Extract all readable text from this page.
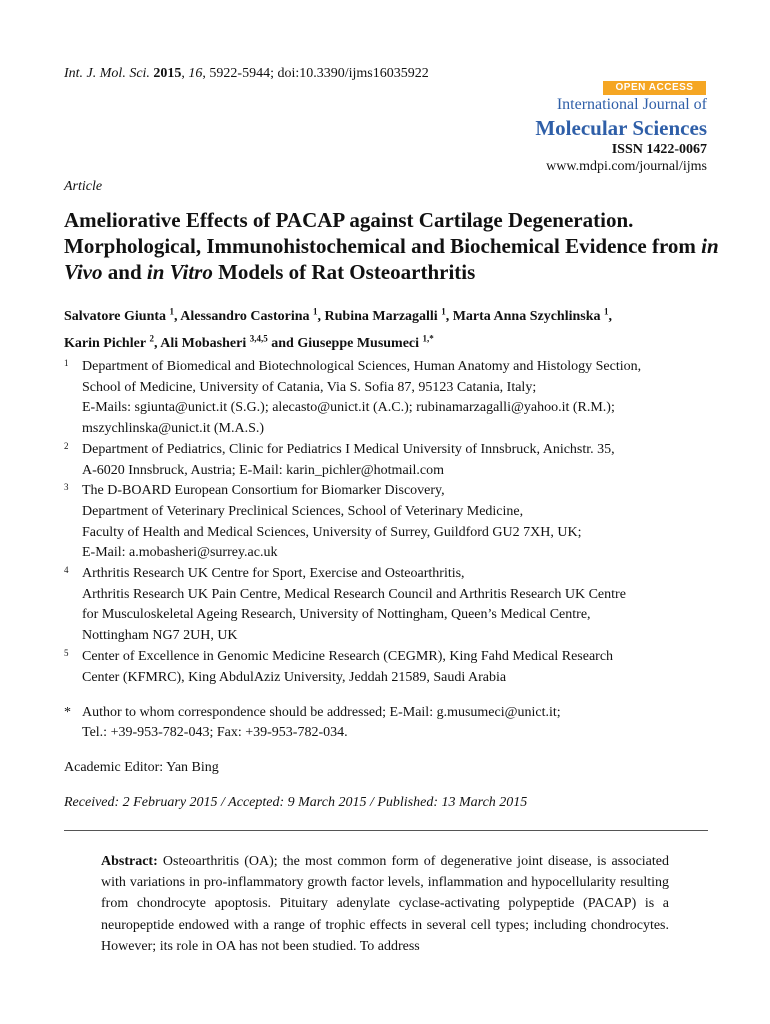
Int. J. Mol. Sci. 2015, 16, 5922-5944; doi:10.3390/ijms16035922
OPEN ACCESS
International Journal of
Molecular Sciences
ISSN 1422-0067
www.mdpi.com/journal/ijms
Article
Ameliorative Effects of PACAP against Cartilage Degeneration. Morphological, Immunohistochemical and Biochemical Evidence from in Vivo and in Vitro Models of Rat Osteoarthritis
Salvatore Giunta $^1$, Alessandro Castorina $^1$, Rubina Marzagalli $^1$, Marta Anna Szychlinska $^1$,
Karin Pichler $^2$, Ali Mobasheri $^{3,4,5}$ and Giuseppe Musumeci $^{1,*}$
1 Department of Biomedical and Biotechnological Sciences, Human Anatomy and Histology Section,
School of Medicine, University of Catania, Via S. Sofia 87, 95123 Catania, Italy;
E-Mails: sgiunta@unict.it (S.G.); alecasto@unict.it (A.C.); rubinamarzagalli@yahoo.it (R.M.);
mszychlinska@unict.it (M.A.S.)
2 Department of Pediatrics, Clinic for Pediatrics I Medical University of Innsbruck, Anichstr. 35,
A-6020 Innsbruck, Austria; E-Mail: karin_pichler@hotmail.com
3 The D-BOARD European Consortium for Biomarker Discovery,
Department of Veterinary Preclinical Sciences, School of Veterinary Medicine,
Faculty of Health and Medical Sciences, University of Surrey, Guildford GU2 7XH, UK;
E-Mail: a.mobasheri@surrey.ac.uk
4 Arthritis Research UK Centre for Sport, Exercise and Osteoarthritis,
Arthritis Research UK Pain Centre, Medical Research Council and Arthritis Research UK Centre
for Musculoskeletal Ageing Research, University of Nottingham, Queen’s Medical Centre,
Nottingham NG7 2UH, UK
5 Center of Excellence in Genomic Medicine Research (CEGMR), King Fahd Medical Research
Center (KFMRC), King AbdulAziz University, Jeddah 21589, Saudi Arabia
* Author to whom correspondence should be addressed; E-Mail: g.musumeci@unict.it;
Tel.: +39-953-782-043; Fax: +39-953-782-034.
Academic Editor: Yan Bing
Received: 2 February 2015 / Accepted: 9 March 2015 / Published: 13 March 2015
Abstract: Osteoarthritis (OA); the most common form of degenerative joint disease, is associated with variations in pro-inflammatory growth factor levels, inflammation and hypocellularity resulting from chondrocyte apoptosis. Pituitary adenylate cyclase-activating polypeptide (PACAP) is a neuropeptide endowed with a range of trophic effects in several cell types; including chondrocytes. However; its role in OA has not been studied. To address
